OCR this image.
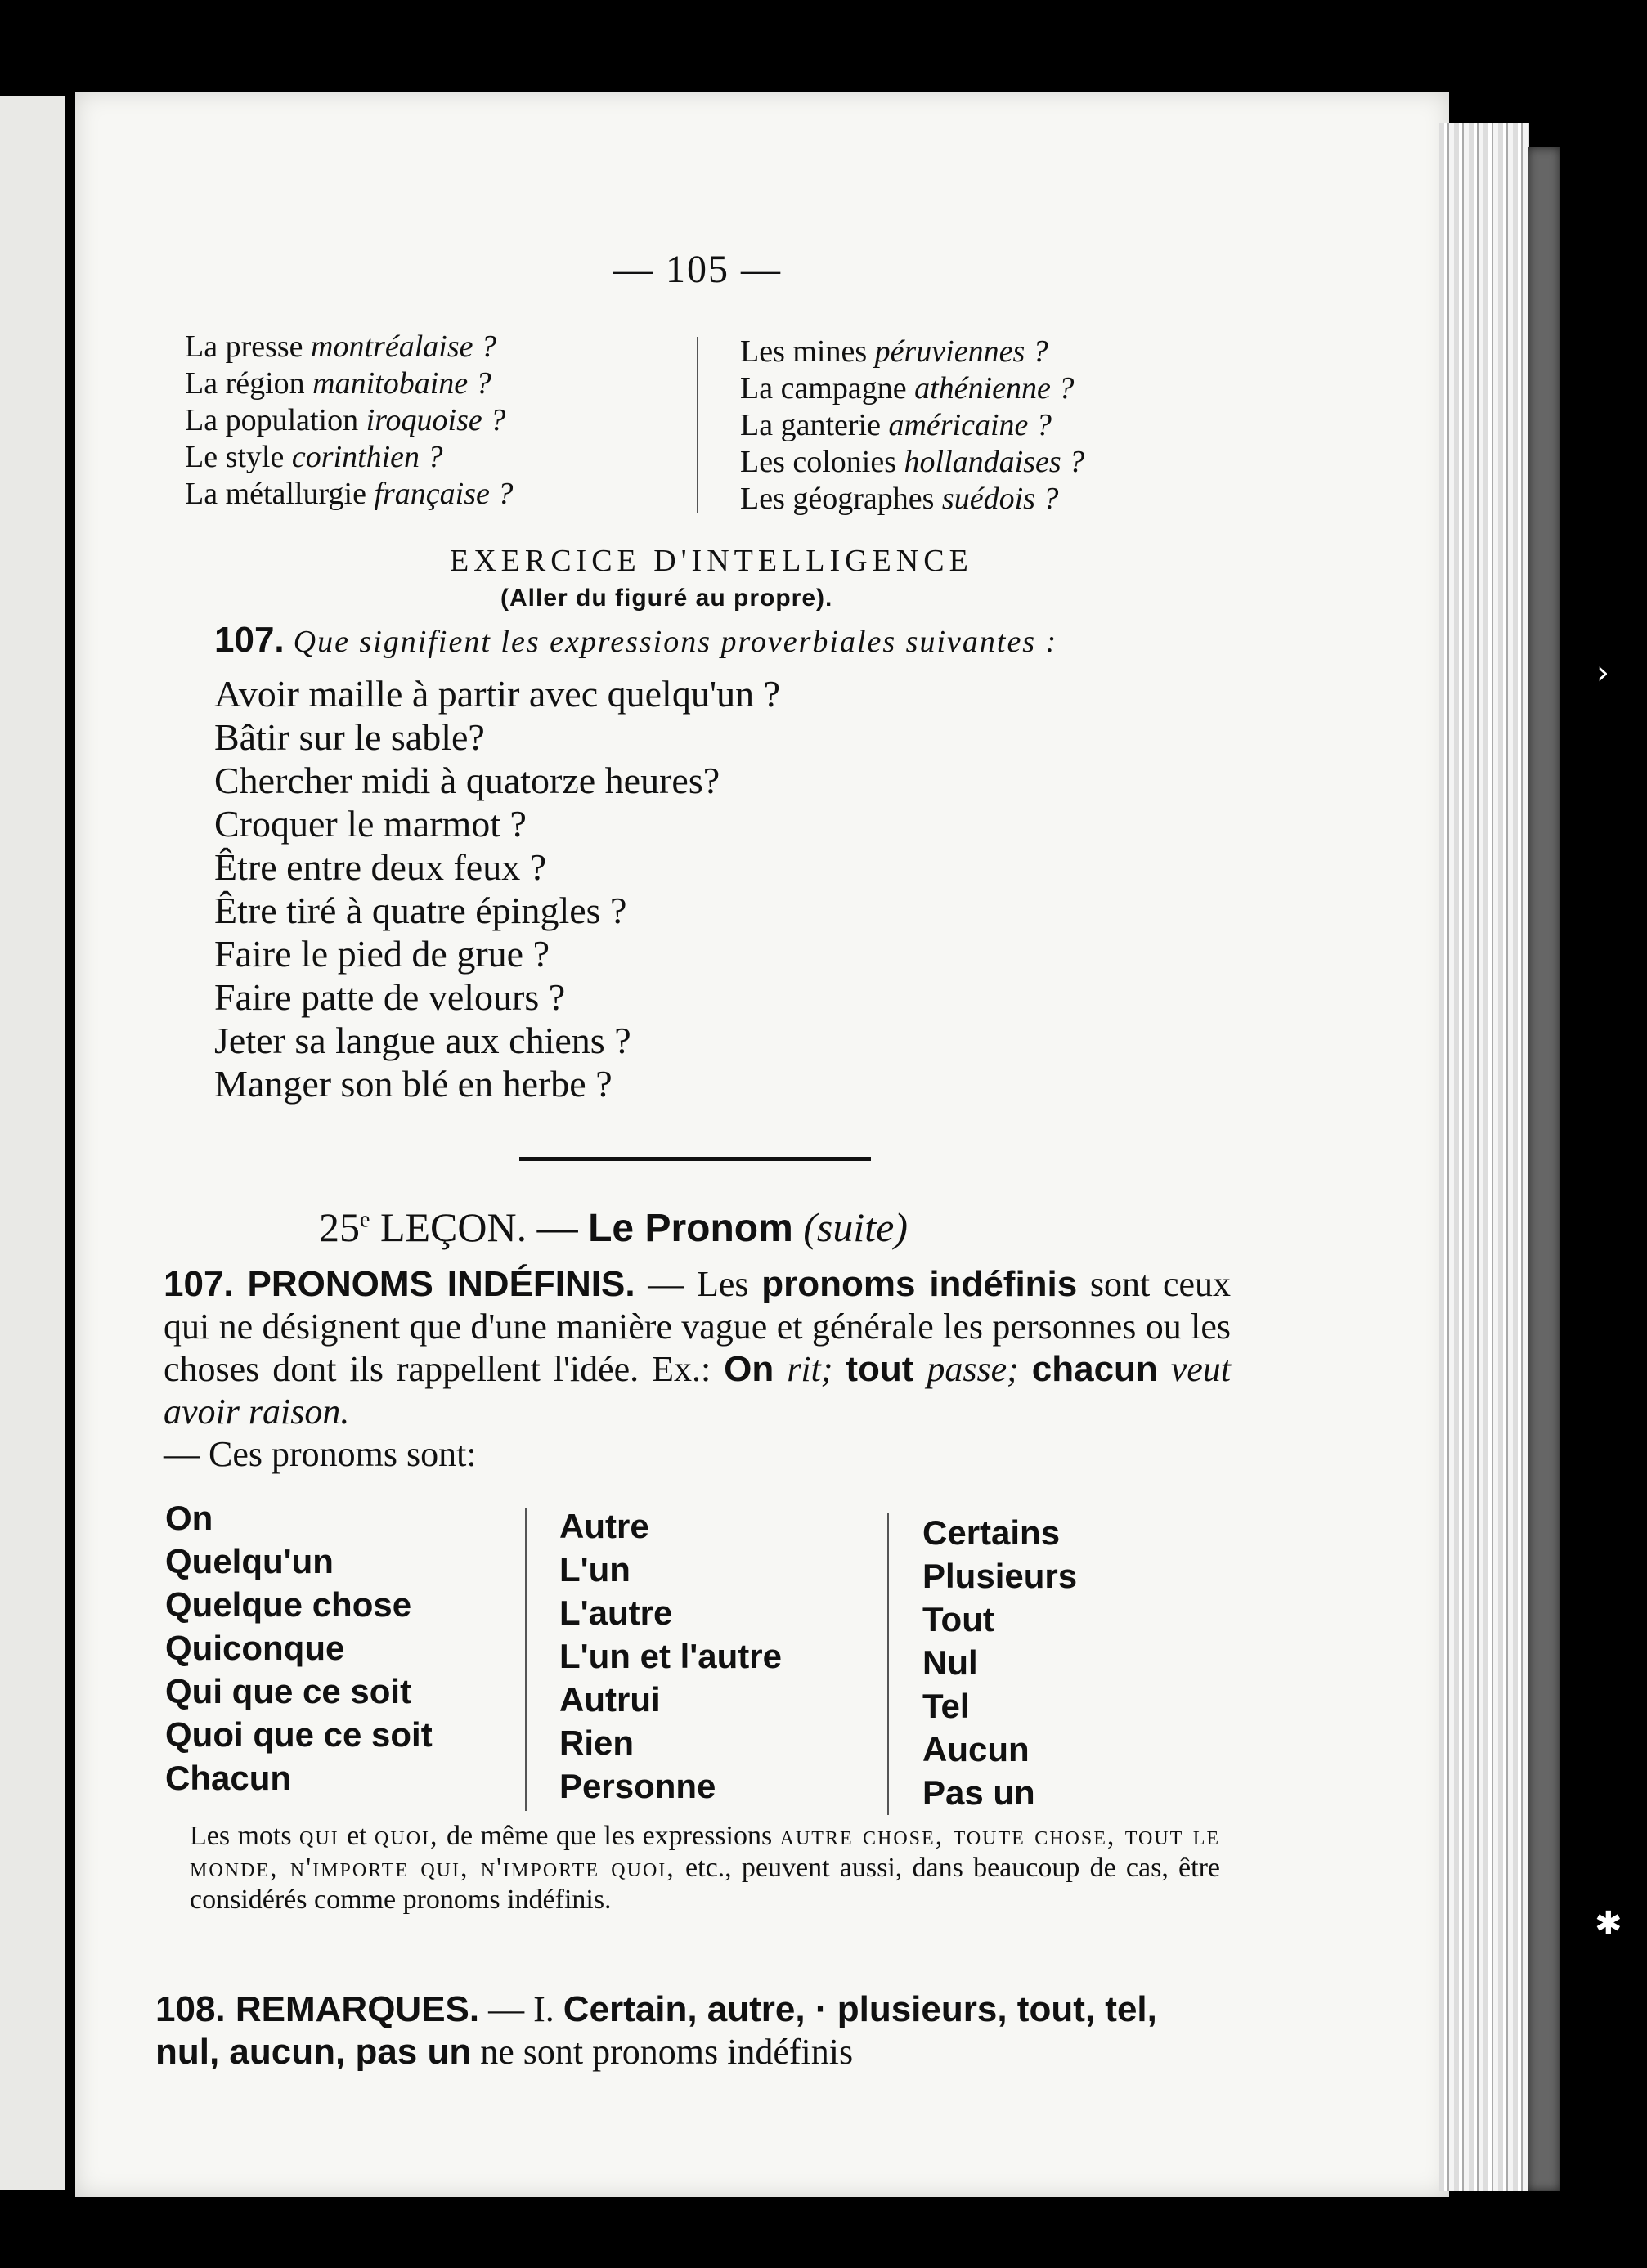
— 105 —
La presse montréalaise ?
La région manitobaine ?
La population iroquoise ?
Le style corinthien ?
La métallurgie française ?
Les mines péruviennes ?
La campagne athénienne ?
La ganterie américaine ?
Les colonies hollandaises ?
Les géographes suédois ?
EXERCICE D'INTELLIGENCE
(Aller du figuré au propre).
107. Que signifient les expressions proverbiales suivantes :
Avoir maille à partir avec quelqu'un ?
Bâtir sur le sable?
Chercher midi à quatorze heures?
Croquer le marmot ?
Être entre deux feux ?
Être tiré à quatre épingles ?
Faire le pied de grue ?
Faire patte de velours ?
Jeter sa langue aux chiens ?
Manger son blé en herbe ?
25e LEÇON. — Le Pronom (suite)
107. PRONOMS INDÉFINIS. — Les pronoms indéfinis sont ceux qui ne désignent que d'une manière vague et générale les personnes ou les choses dont ils rappellent l'idée. Ex.: On rit; tout passe; chacun veut avoir raison.
— Ces pronoms sont:
On
Quelqu'un
Quelque chose
Quiconque
Qui que ce soit
Quoi que ce soit
Chacun
Autre
L'un
L'autre
L'un et l'autre
Autrui
Rien
Personne
Certains
Plusieurs
Tout
Nul
Tel
Aucun
Pas un
Les mots qui et quoi, de même que les expressions autre chose, toute chose, tout le monde, n'importe qui, n'importe quoi, etc., peuvent aussi, dans beaucoup de cas, être considérés comme pronoms indéfinis.
108. REMARQUES. — I. Certain, autre, · plusieurs, tout, tel, nul, aucun, pas un ne sont pronoms indéfinis
›
✱
